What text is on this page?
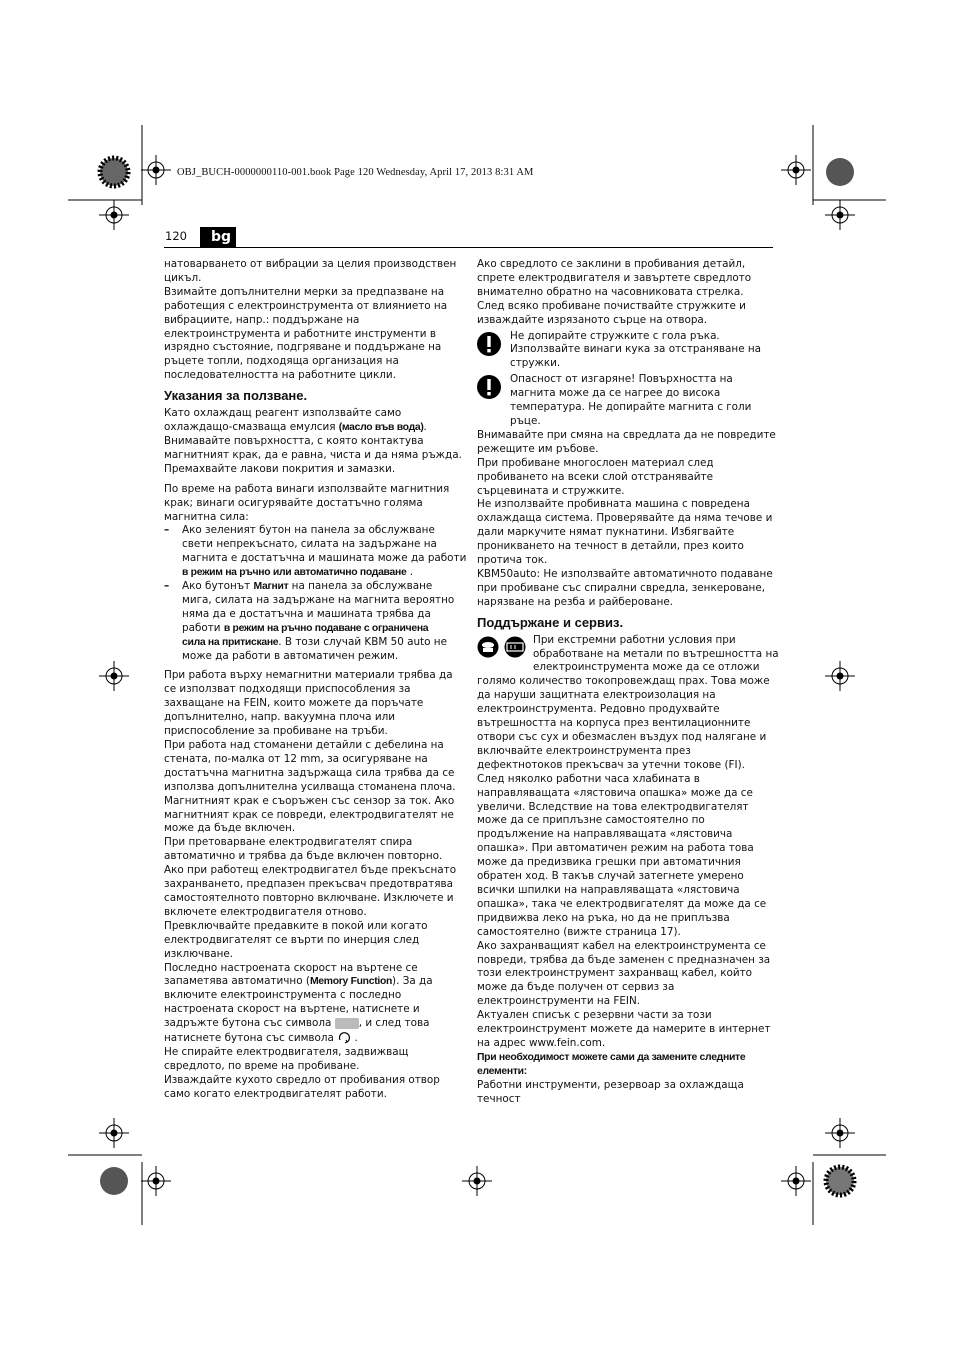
OBJ_BUCH-0000000110-001.book Page 120 Wednesday, April 17, 2013 8:31 AM
120	bg

натоварването от вибрации за целия производствен

цикъл.

Взимайте допълнителни мерки за предпазване на

работещия с електроинструмента от влиянието на

вибрациите, напр.: поддържане на

електроинструмента и работните инструменти в

изрядно състояние, подгряване и поддържане на

ръцете топли, подходяща организация на

последователността на работните цикли.

Указания за ползване.

Като охлаждащ реагент използвайте само

охлаждащо-смазваща емулсия (масло във вода).

Внимавайте повърхността, с която контактува

магнитният крак, да е равна, чиста и да няма ръжда.

Премахвайте лакови покрития и замазки.

По време на работа винаги използвайте магнитния

крак; винаги осигурявайте достатъчно голяма

магнитна сила:

– Ако зеленият бутон на панела за обслужване

свети непрекъснато, силата на задържане на

магнита е достатъчна и машината може да работи

в режим на ръчно или автоматично подаване .

– Ако бутонът Магнит на панела за обслужване

мига, силата на задържане на магнита вероятно

няма да е достатъчна и машината трябва да

работи в режим на ръчно подаване с ограничена

сила на притискане. В този случай KBM 50 auto не

може да работи в автоматичен режим.

При работа върху немагнитни материали трябва да

се използват подходящи приспособления за

захващане на FEIN, които можете да поръчате

допълнително, напр. вакуумна плоча или

приспособление за пробиване на тръби.

При работа над стоманени детайли с дебелина на

стената, по-малка от 12 mm, за осигуряване на

достатъчна магнитна задържаща сила трябва да се

използва допълнителна усилваща стоманена плоча.

Магнитният крак е съоръжен със сензор за ток. Ако

магнитният крак се повреди, електродвигателят не

може да бъде включен.

При претоварване електродвигателят спира

автоматично и трябва да бъде включен повторно.

Ако при работещ електродвигател бъде прекъснато

захранването, предпазен прекъсвач предотвратява

самостоятелното повторно включване. Изключете и

включете електродвигателя отново.

Превключвайте предавките в покой или когато

електродвигателят се върти по инерция след

изключване.

Последно настроената скорост на въртене се

запаметява автоматично (Memory Function). За да

включите електроинструмента с последно

настроената скорост на въртене, натиснете и

задръжте бутона със символа , и след това

натиснете бутона със символа  .

Не спирайте електродвигателя, задвижващ

свредлото, по време на пробиване.

Изваждайте кухото свредло от пробивания отвор

само когато електродвигателят работи.

Ако свредлото се заклини в пробивания детайл,

спрете електродвигателя и завъртете свредлото

внимателно обратно на часовниковата стрелка.

След всяко пробиване почиствайте стружките и

изваждайте изрязаното сърце на отвора.

Не допирайте стружките с гола ръка.

Използвайте винаги кука за отстраняване на

стружки.

Опасност от изгаряне! Повърхността на

магнита може да се нагрее до висока

температура. Не допирайте магнита с голи

ръце.

Внимавайте при смяна на свредлата да не повредите

режещите им ръбове.

При пробиване многослоен материал след

пробиването на всеки слой отстранявайте

сърцевината и стружките.

Не използвайте пробивната машина с повредена

охлаждаща система. Проверявайте да няма течове и

дали маркучите нямат пукнатини. Избягвайте

проникването на течност в детайли, през които

протича ток.

KBM50auto: Не използвайте автоматичното подаване

при пробиване със спирални свредла, зенкероване,

нарязване на резба и райбероване.

Поддържане и сервиз.

При екстремни работни условия при

обработване на метали по вътрешността на

електроинструмента може да се отложи

голямо количество токопровеждащ прах. Това може

да наруши защитната електроизолация на

електроинструмента. Редовно продухвайте

вътрешността на корпуса през вентилационните

отвори със сух и обезмаслен въздух под налягане и

включвайте електроинструмента през

дефектнотоков прекъсвач за утечни токове (FI).

След няколко работни часа хлабината в

направляващата «лястовича опашка» може да се

увеличи. Вследствие на това електродвигателят

може да се приплъзне самостоятелно по

продължение на направляващата «лястовича

опашка». При автоматичен режим на работа това

може да предизвика грешки при автоматичния

обратен ход. В такъв случай затегнете умерено

всички шпилки на направляващата «лястовича

опашка», така че електродвигателят да може да се

придвижва леко на ръка, но да не приплъзва

самостоятелно (вижте страница 17).

Ако захранващият кабел на електроинструмента се

повреди, трябва да бъде заменен с предназначен за

този електроинструмент захранващ кабел, който

може да бъде получен от сервиз за

електроинструменти на FEIN.

Актуален списък с резервни части за този

електроинструмент можете да намерите в интернет

на адрес www.fein.com.

При необходимост можете сами да замените следните

елементи:

Работни инструменти, резервоар за охлаждаща

течност
